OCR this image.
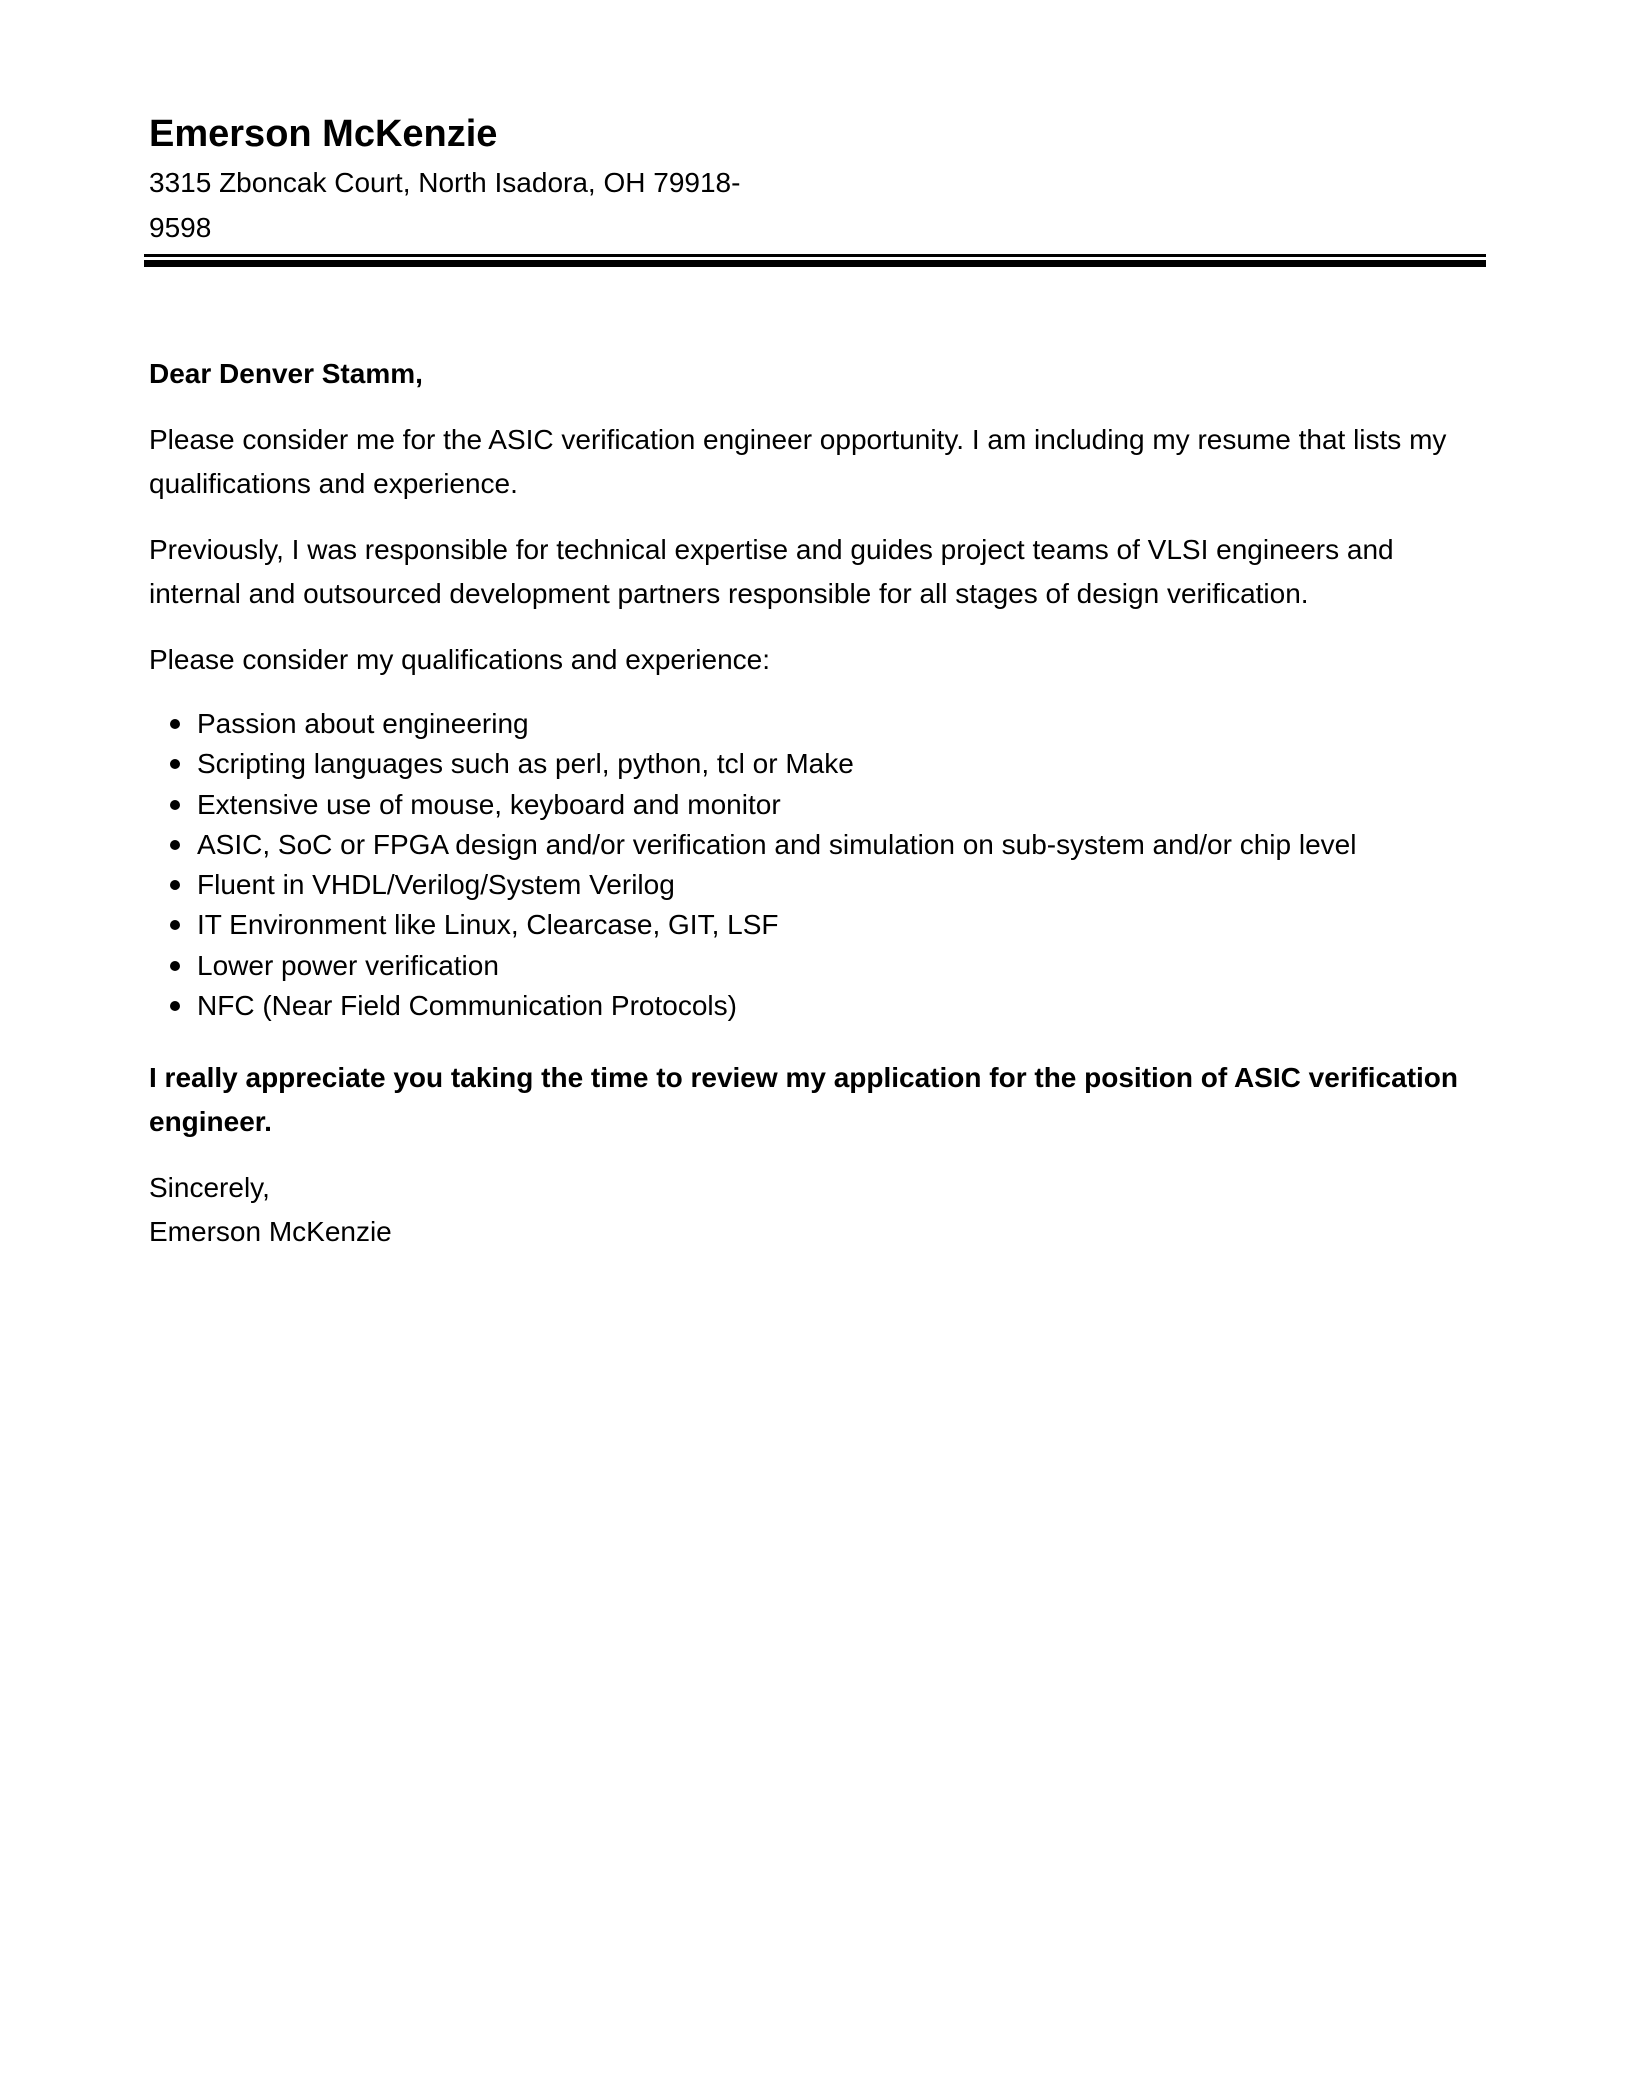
Emerson McKenzie

3315 Zboncak Court, North Isadora, OH 79918-9598

Dear Denver Stamm,

Please consider me for the ASIC verification engineer opportunity. I am including my resume that lists my qualifications and experience.

Previously, I was responsible for technical expertise and guides project teams of VLSI engineers and internal and outsourced development partners responsible for all stages of design verification.

Please consider my qualifications and experience:

Passion about engineering
Scripting languages such as perl, python, tcl or Make
Extensive use of mouse, keyboard and monitor
ASIC, SoC or FPGA design and/or verification and simulation on sub-system and/or chip level
Fluent in VHDL/Verilog/System Verilog
IT Environment like Linux, Clearcase, GIT, LSF
Lower power verification
NFC (Near Field Communication Protocols)

I really appreciate you taking the time to review my application for the position of ASIC verification engineer.

Sincerely,

Emerson McKenzie
